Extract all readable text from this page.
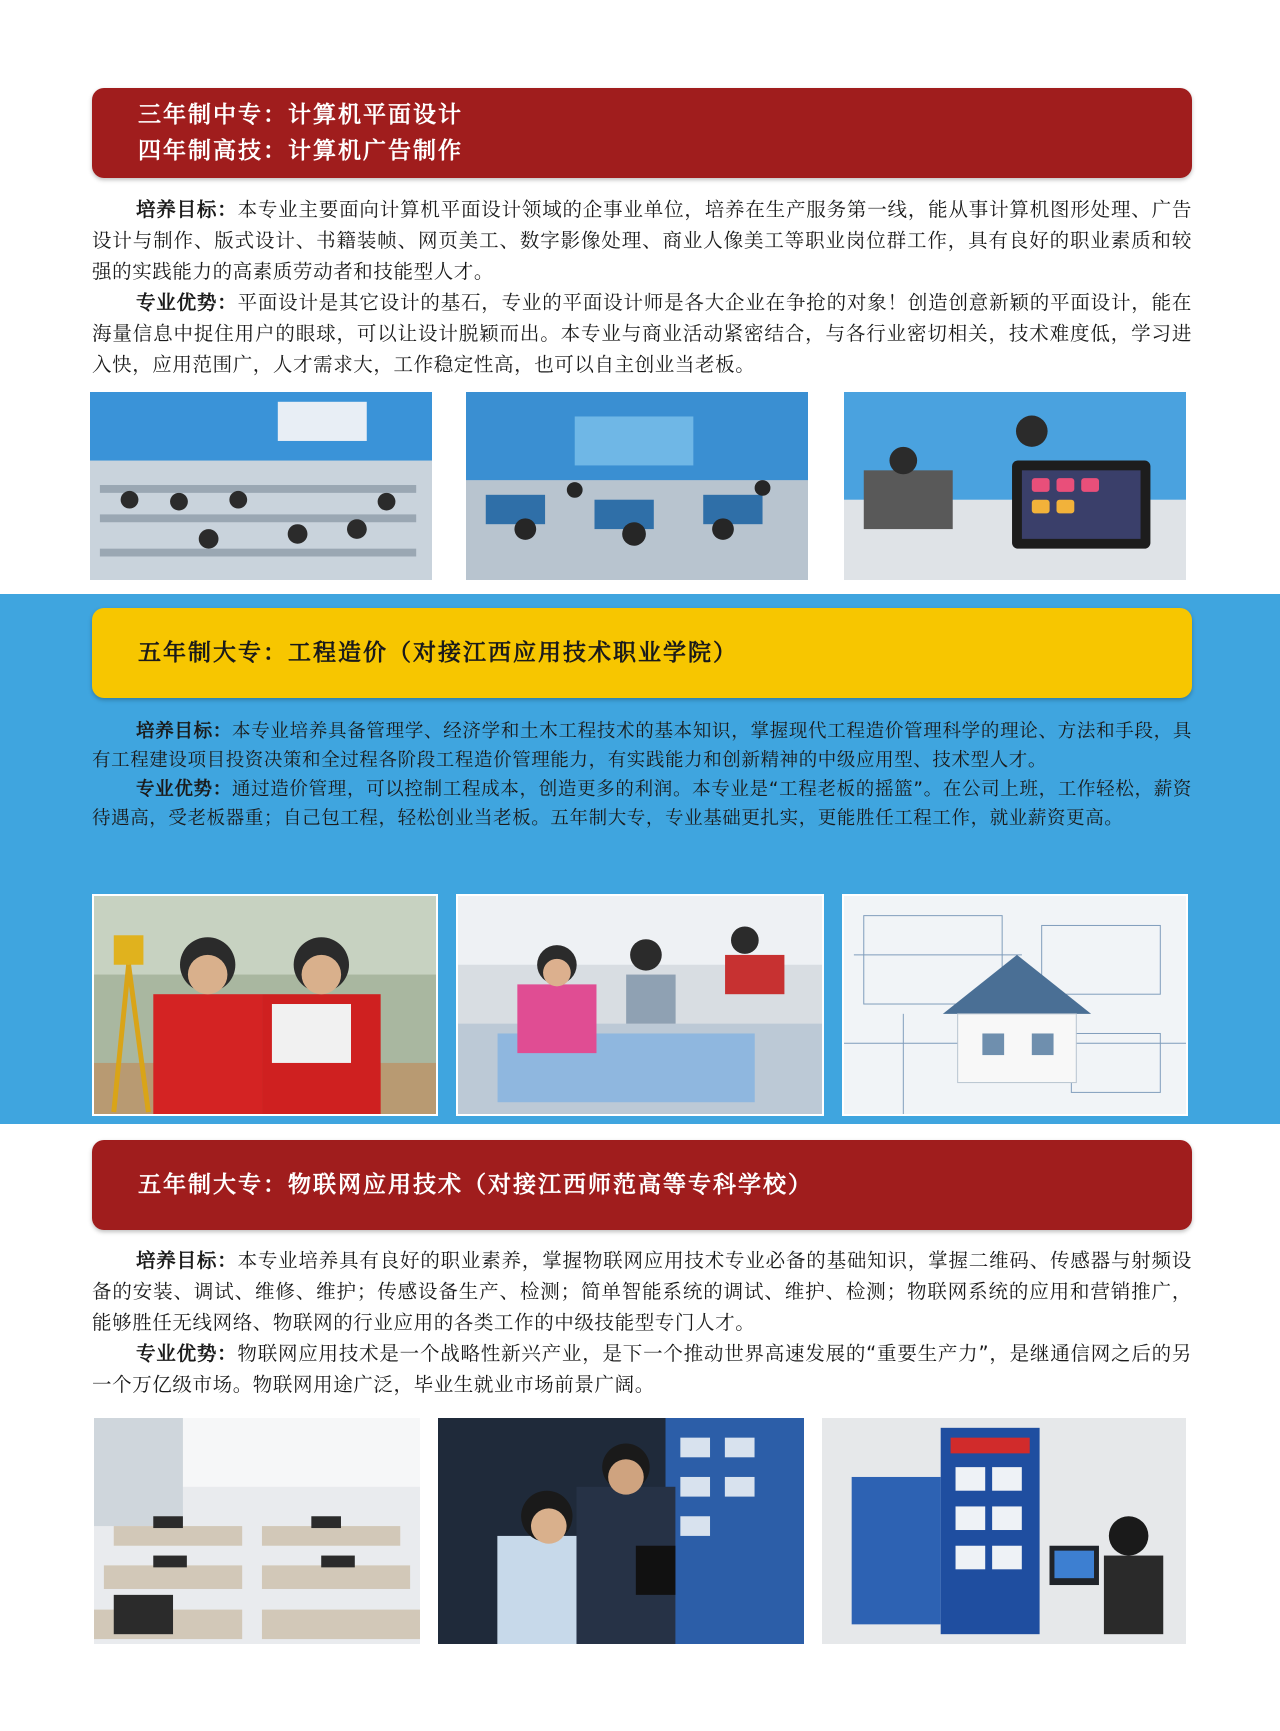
三年制中专：计算机平面设计
四年制高技：计算机广告制作

培养目标：本专业主要面向计算机平面设计领域的企事业单位，培养在生产服务第一线，能从事计算机图形处理、广告设计与制作、版式设计、书籍装帧、网页美工、数字影像处理、商业人像美工等职业岗位群工作，具有良好的职业素质和较强的实践能力的高素质劳动者和技能型人才。

专业优势：平面设计是其它设计的基石，专业的平面设计师是各大企业在争抢的对象！创造创意新颖的平面设计，能在海量信息中捉住用户的眼球，可以让设计脱颖而出。本专业与商业活动紧密结合，与各行业密切相关，技术难度低，学习进入快，应用范围广，人才需求大，工作稳定性高，也可以自主创业当老板。

五年制大专：工程造价（对接江西应用技术职业学院）

培养目标：本专业培养具备管理学、经济学和土木工程技术的基本知识，掌握现代工程造价管理科学的理论、方法和手段，具有工程建设项目投资决策和全过程各阶段工程造价管理能力，有实践能力和创新精神的中级应用型、技术型人才。

专业优势：通过造价管理，可以控制工程成本，创造更多的利润。本专业是“工程老板的摇篮”。在公司上班，工作轻松，薪资待遇高，受老板器重；自己包工程，轻松创业当老板。五年制大专，专业基础更扎实，更能胜任工程工作，就业薪资更高。

五年制大专：物联网应用技术（对接江西师范高等专科学校）

培养目标：本专业培养具有良好的职业素养，掌握物联网应用技术专业必备的基础知识，掌握二维码、传感器与射频设备的安装、调试、维修、维护；传感设备生产、检测；简单智能系统的调试、维护、检测；物联网系统的应用和营销推广，能够胜任无线网络、物联网的行业应用的各类工作的中级技能型专门人才。

专业优势：物联网应用技术是一个战略性新兴产业，是下一个推动世界高速发展的“重要生产力”，是继通信网之后的另一个万亿级市场。物联网用途广泛，毕业生就业市场前景广阔。
